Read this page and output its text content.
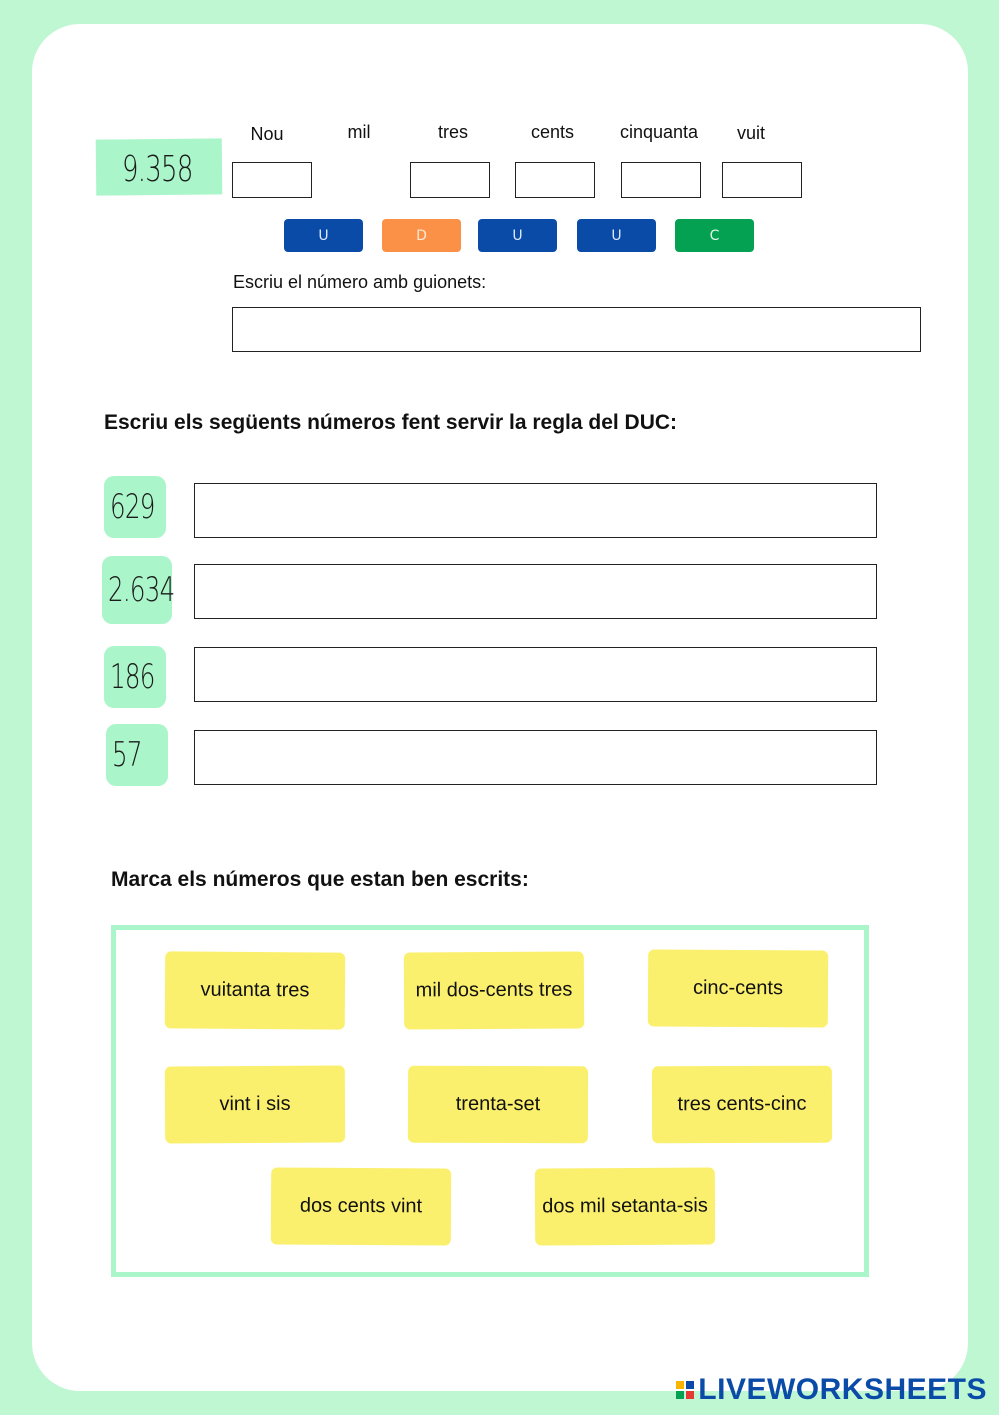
9.358
Nou	mil	tres	cents	cinquanta	vuit
U	D	U	U	C
Escriu el número amb guionets:
Escriu els següents números fent servir la regla del DUC:
629
2.634
186
57
Marca els números que estan ben escrits:
vuitanta tres	mil dos-cents tres	cinc-cents
vint i sis	trenta-set	tres cents-cinc
dos cents vint	dos mil setanta-sis
LIVEWORKSHEETS
